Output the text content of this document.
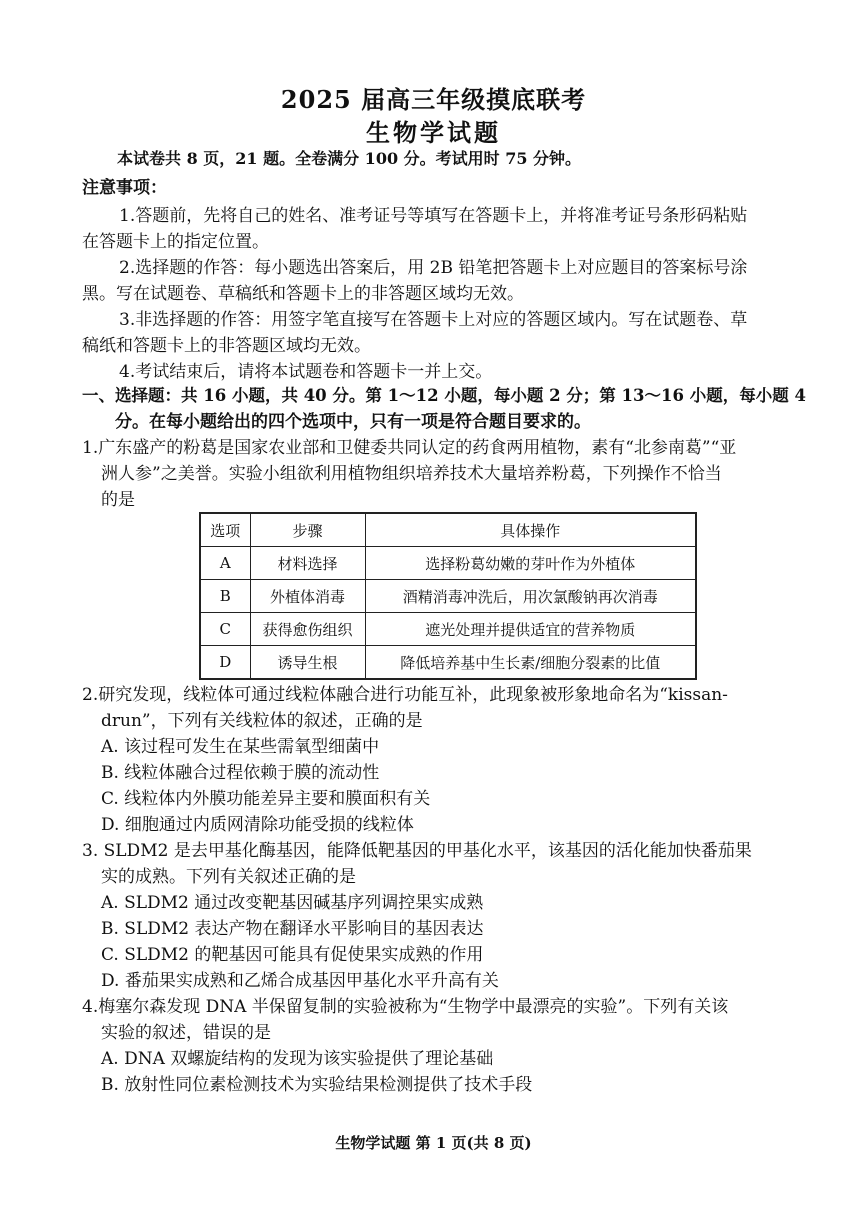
2025 届高三年级摸底联考
生物学试题
本试卷共 8 页，21 题。全卷满分 100 分。考试用时 75 分钟。
注意事项：
1.答题前，先将自己的姓名、准考证号等填写在答题卡上，并将准考证号条形码粘贴
在答题卡上的指定位置。
2.选择题的作答：每小题选出答案后，用 2B 铅笔把答题卡上对应题目的答案标号涂
黑。写在试题卷、草稿纸和答题卡上的非答题区域均无效。
3.非选择题的作答：用签字笔直接写在答题卡上对应的答题区域内。写在试题卷、草
稿纸和答题卡上的非答题区域均无效。
4.考试结束后，请将本试题卷和答题卡一并上交。
一、选择题：共 16 小题，共 40 分。第 1～12 小题，每小题 2 分；第 13～16 小题，每小题 4
分。在每小题给出的四个选项中，只有一项是符合题目要求的。
1.广东盛产的粉葛是国家农业部和卫健委共同认定的药食两用植物，素有“北参南葛”“亚
洲人参”之美誉。实验小组欲利用植物组织培养技术大量培养粉葛，下列操作不恰当
的是
选项	步骤	具体操作
A	材料选择	选择粉葛幼嫩的芽叶作为外植体
B	外植体消毒	酒精消毒冲洗后，用次氯酸钠再次消毒
C	获得愈伤组织	遮光处理并提供适宜的营养物质
D	诱导生根	降低培养基中生长素/细胞分裂素的比值
2.研究发现，线粒体可通过线粒体融合进行功能互补，此现象被形象地命名为“kissan-
drun”，下列有关线粒体的叙述，正确的是
A. 该过程可发生在某些需氧型细菌中
B. 线粒体融合过程依赖于膜的流动性
C. 线粒体内外膜功能差异主要和膜面积有关
D. 细胞通过内质网清除功能受损的线粒体
3. SLDM2 是去甲基化酶基因，能降低靶基因的甲基化水平，该基因的活化能加快番茄果
实的成熟。下列有关叙述正确的是
A. SLDM2 通过改变靶基因碱基序列调控果实成熟
B. SLDM2 表达产物在翻译水平影响目的基因表达
C. SLDM2 的靶基因可能具有促使果实成熟的作用
D. 番茄果实成熟和乙烯合成基因甲基化水平升高有关
4.梅塞尔森发现 DNA 半保留复制的实验被称为“生物学中最漂亮的实验”。下列有关该
实验的叙述，错误的是
A. DNA 双螺旋结构的发现为该实验提供了理论基础
B. 放射性同位素检测技术为实验结果检测提供了技术手段
生物学试题 第 1 页(共 8 页)
